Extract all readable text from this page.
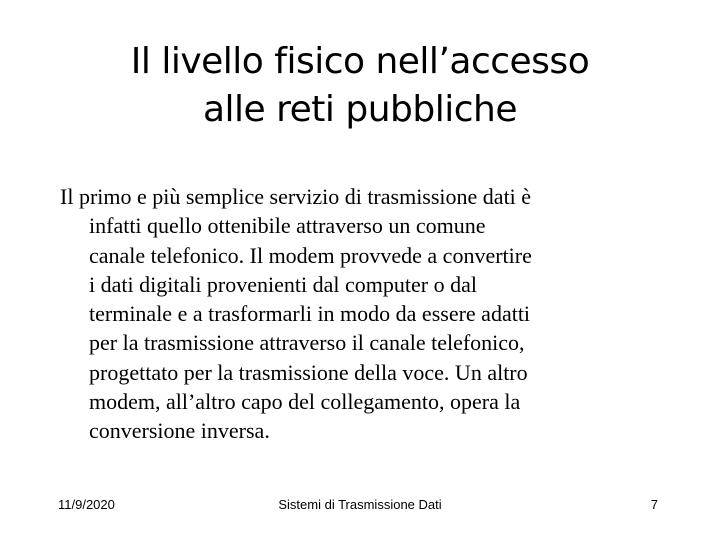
Il livello fisico nell’accesso
alle reti pubbliche
Il primo e più semplice servizio di trasmissione dati è
infatti quello ottenibile attraverso un comune
canale telefonico. Il modem provvede a convertire
i dati digitali provenienti dal computer o dal
terminale e a trasformarli in modo da essere adatti
per la trasmissione attraverso il canale telefonico,
progettato per la trasmissione della voce. Un altro
modem, all’altro capo del collegamento, opera la
conversione inversa.
11/9/2020	Sistemi di Trasmissione Dati	7
